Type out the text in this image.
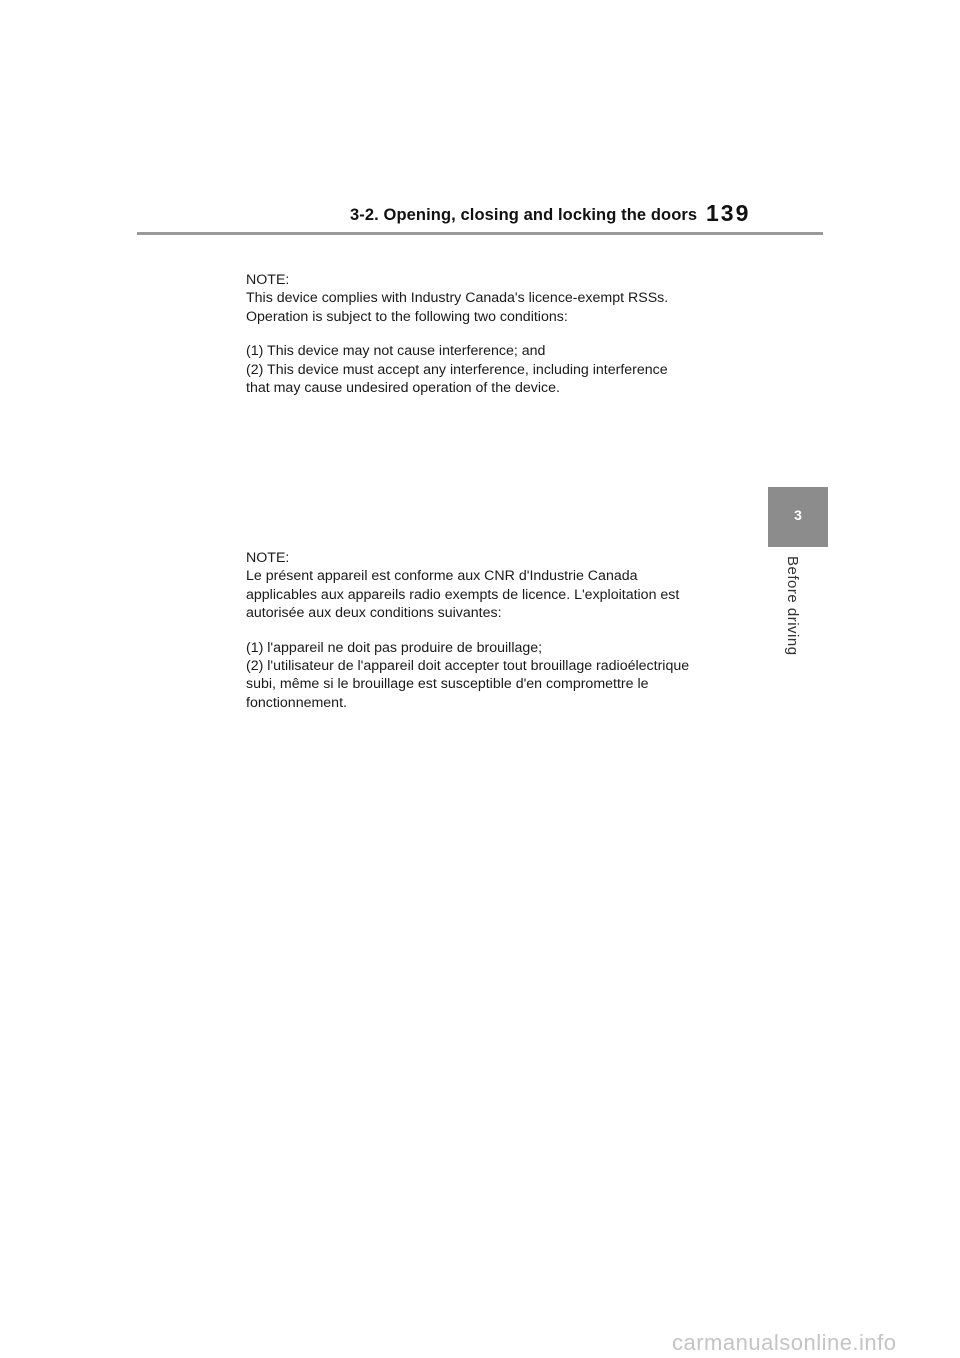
3-2. Opening, closing and locking the doors 139
3
Before driving
NOTE:
This device complies with Industry Canada's licence-exempt RSSs.
Operation is subject to the following two conditions:
(1) This device may not cause interference; and
(2) This device must accept any interference, including interference
that may cause undesired operation of the device.
NOTE:
Le présent appareil est conforme aux CNR d'Industrie Canada
applicables aux appareils radio exempts de licence. L'exploitation est
autorisée aux deux conditions suivantes:
(1) l'appareil ne doit pas produire de brouillage;
(2) l'utilisateur de l'appareil doit accepter tout brouillage radioélectrique
subi, même si le brouillage est susceptible d'en compromettre le
fonctionnement.
carmanualsonline.info
